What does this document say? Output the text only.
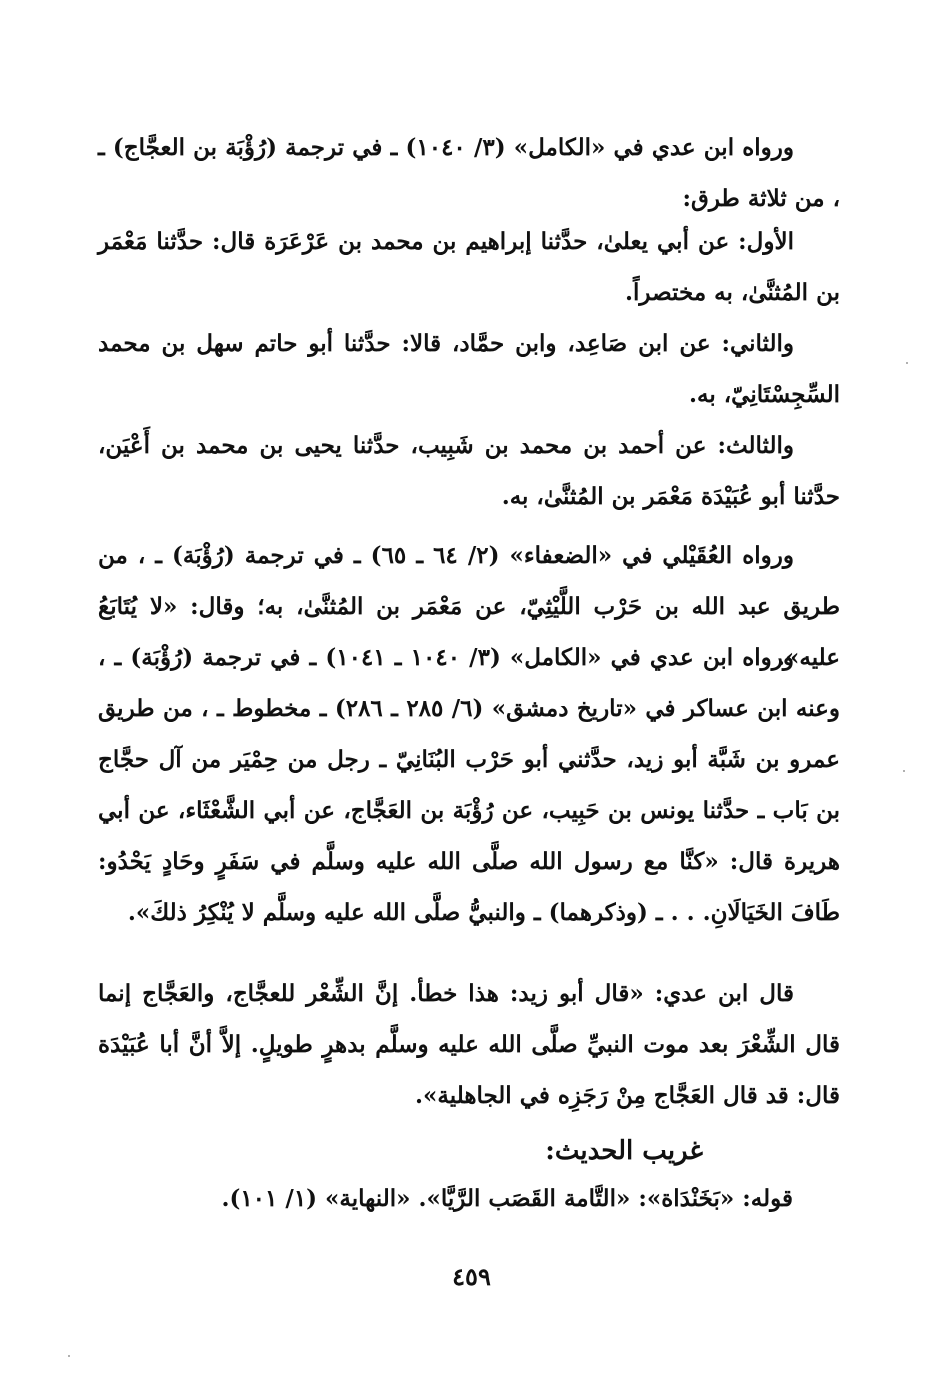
ورواه ابن عدي في «الكامل» (٣/ ١٠٤٠) ـ في ترجمة (رُؤْبَة بن العجَّاج) ـ ، من ثلاثة طرق:

الأول: عن أبي يعلىٰ، حدَّثنا إبراهيم بن محمد بن عَرْعَرَة قال: حدَّثنا مَعْمَر بن المُثنَّىٰ، به مختصراً.

والثاني: عن ابن صَاعِد، وابن حمَّاد، قالا: حدَّثنا أبو حاتم سهل بن محمد السِّجِسْتَانِيّ، به.

والثالث: عن أحمد بن محمد بن شَبِيب، حدَّثنا يحيى بن محمد بن أَعْيَن، حدَّثنا أبو عُبَيْدَة مَعْمَر بن المُثنَّىٰ، به.

ورواه العُقَيْلي في «الضعفاء» (٢/ ٦٤ ـ ٦٥) ـ في ترجمة (رُؤْبَة) ـ ، من طريق عبد الله بن حَرْب اللَّيْثِيّ، عن مَعْمَر بن المُثنَّىٰ، به؛ وقال: «لا يُتَابَعُ عليه».

ورواه ابن عدي في «الكامل» (٣/ ١٠٤٠ ـ ١٠٤١) ـ في ترجمة (رُؤْبَة) ـ ، وعنه ابن عساكر في «تاريخ دمشق» (٦/ ٢٨٥ ـ ٢٨٦) ـ مخطوط ـ ، من طريق عمرو بن شَبَّة أبو زيد، حدَّثني أبو حَرْب البُنَانِيّ ـ رجل من حِمْيَر من آل حجَّاج بن بَاب ـ حدَّثنا يونس بن حَبِيب، عن رُؤْبَة بن العَجَّاج، عن أبي الشَّعْثَاء، عن أبي هريرة قال: «كنَّا مع رسول الله صلَّى الله عليه وسلَّم في سَفَرٍ وحَادٍ يَحْدُو: طَافَ الخَيَالَانِ. . . ـ (وذكرهما) ـ والنبيُّ صلَّى الله عليه وسلَّم لا يُنْكِرُ ذلكَ».

قال ابن عدي: «قال أبو زيد: هذا خطأ. إنَّ الشِّعْر للعجَّاج، والعَجَّاج إنما قال الشِّعْرَ بعد موت النبيِّ صلَّى الله عليه وسلَّم بدهرٍ طويلٍ. إلاَّ أنَّ أبا عُبَيْدَة قال: قد قال العَجَّاج مِنْ رَجَزِه في الجاهلية».

غريب الحديث:
قوله: «بَخَنْدَاة»: «التَّامة القَصَب الرَّيَّا». «النهاية» (١/ ١٠١).
٤٥٩
